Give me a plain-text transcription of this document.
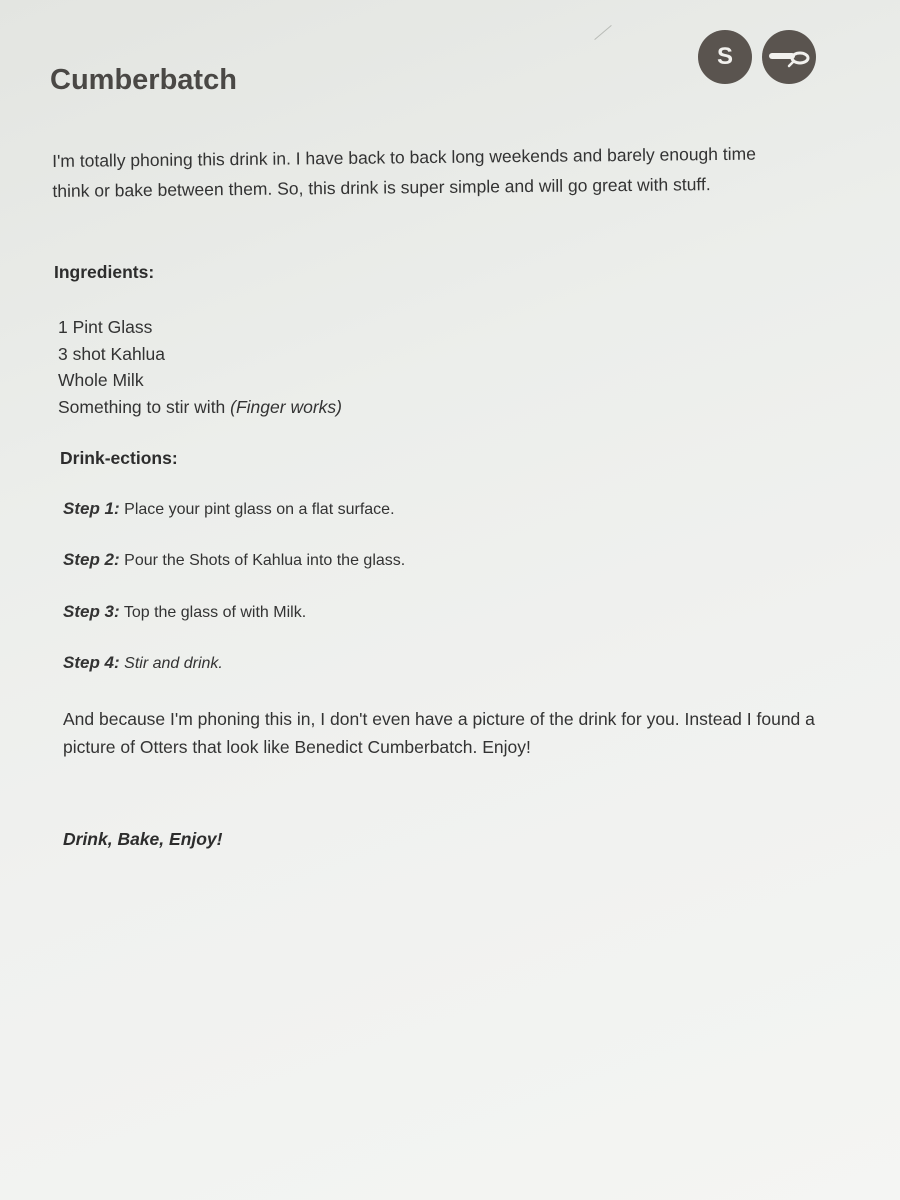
S
Cumberbatch

I'm totally phoning this drink in. I have back to back long weekends and barely enough time think or bake between them. So, this drink is super simple and will go great with stuff.

Ingredients:

1 Pint Glass
3 shot Kahlua
Whole Milk
Something to stir with (Finger works)

Drink-ections:

Step 1: Place your pint glass on a flat surface.

Step 2: Pour the Shots of Kahlua into the glass.

Step 3: Top the glass of with Milk.

Step 4: Stir and drink.

And because I'm phoning this in, I don't even have a picture of the drink for you. Instead I found a picture of Otters that look like Benedict Cumberbatch. Enjoy!

Drink, Bake, Enjoy!
